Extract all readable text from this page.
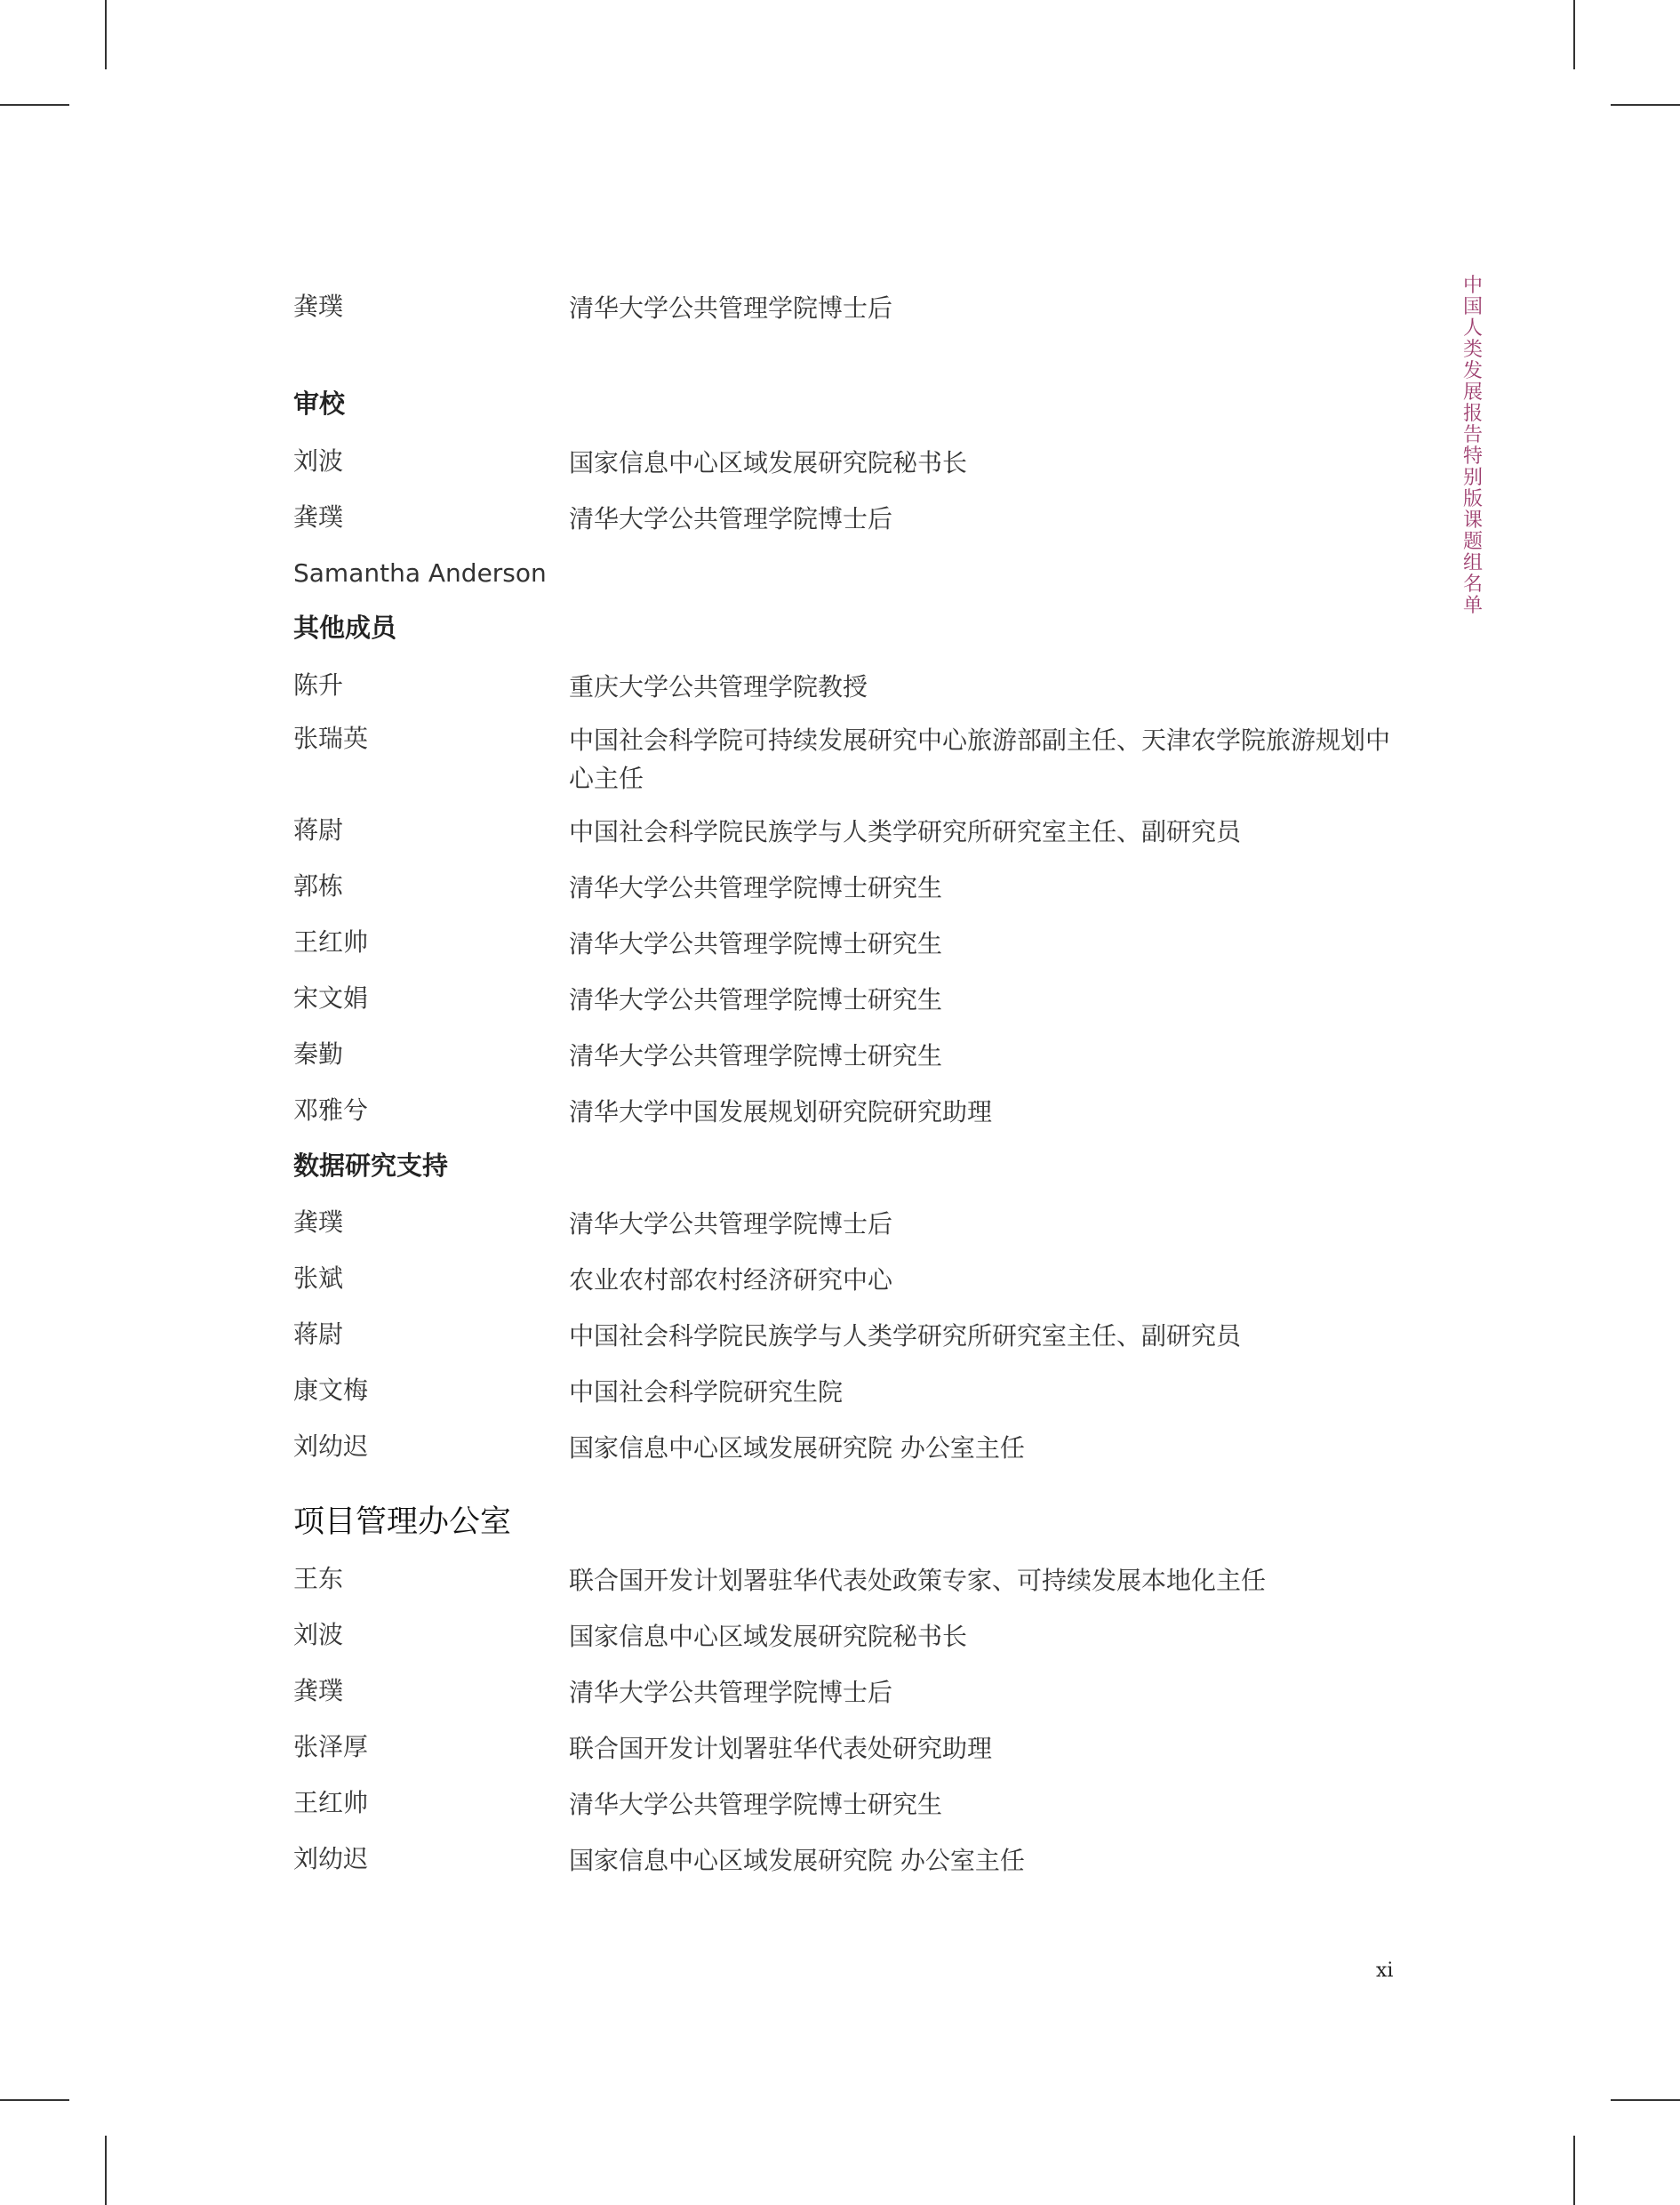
中国人类发展报告特别版课题组名单
龚璞	清华大学公共管理学院博士后
审校
刘波	国家信息中心区域发展研究院秘书长
龚璞	清华大学公共管理学院博士后
Samantha Anderson
其他成员
陈升	重庆大学公共管理学院教授
张瑞英	中国社会科学院可持续发展研究中心旅游部副主任、天津农学院旅游规划中心主任
蒋尉	中国社会科学院民族学与人类学研究所研究室主任、副研究员
郭栋	清华大学公共管理学院博士研究生
王红帅	清华大学公共管理学院博士研究生
宋文娟	清华大学公共管理学院博士研究生
秦勤	清华大学公共管理学院博士研究生
邓雅兮	清华大学中国发展规划研究院研究助理
数据研究支持
龚璞	清华大学公共管理学院博士后
张斌	农业农村部农村经济研究中心
蒋尉	中国社会科学院民族学与人类学研究所研究室主任、副研究员
康文梅	中国社会科学院研究生院
刘幼迟	国家信息中心区域发展研究院 办公室主任
项目管理办公室
王东	联合国开发计划署驻华代表处政策专家、可持续发展本地化主任
刘波	国家信息中心区域发展研究院秘书长
龚璞	清华大学公共管理学院博士后
张泽厚	联合国开发计划署驻华代表处研究助理
王红帅	清华大学公共管理学院博士研究生
刘幼迟	国家信息中心区域发展研究院 办公室主任
xi
